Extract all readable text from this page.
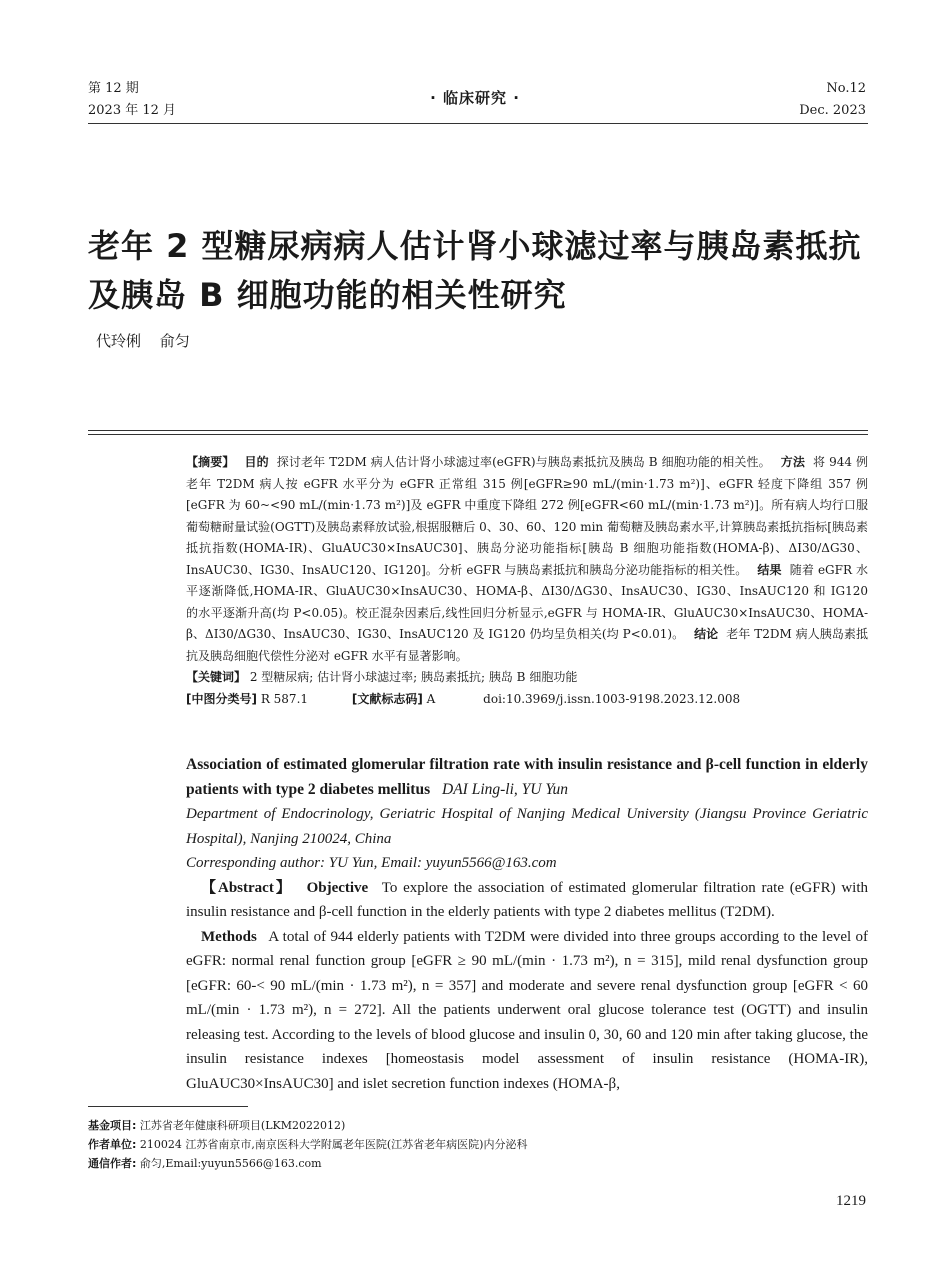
第 12 期
2023 年 12 月
· 临床研究 ·
No.12
Dec. 2023
老年 2 型糖尿病病人估计肾小球滤过率与胰岛素抵抗及胰岛 B 细胞功能的相关性研究
代玲俐 俞匀

【摘要】 目的 探讨老年 T2DM 病人估计肾小球滤过率(eGFR)与胰岛素抵抗及胰岛 B 细胞功能的相关性。 方法 将 944 例老年 T2DM 病人按 eGFR 水平分为 eGFR 正常组 315 例[eGFR≥90 mL/(min·1.73 m²)]、eGFR 轻度下降组 357 例[eGFR 为 60~<90 mL/(min·1.73 m²)]及 eGFR 中重度下降组 272 例[eGFR<60 mL/(min·1.73 m²)]。所有病人均行口服葡萄糖耐量试验(OGTT)及胰岛素释放试验,根据服糖后 0、30、60、120 min 葡萄糖及胰岛素水平,计算胰岛素抵抗指标[胰岛素抵抗指数(HOMA-IR)、GluAUC30×InsAUC30]、胰岛分泌功能指标[胰岛 B 细胞功能指数(HOMA-β)、ΔI30/ΔG30、InsAUC30、IG30、InsAUC120、IG120]。分析 eGFR 与胰岛素抵抗和胰岛分泌功能指标的相关性。 结果 随着 eGFR 水平逐渐降低,HOMA-IR、GluAUC30×InsAUC30、HOMA-β、ΔI30/ΔG30、InsAUC30、IG30、InsAUC120 和 IG120 的水平逐渐升高(均 P<0.05)。校正混杂因素后,线性回归分析显示,eGFR 与 HOMA-IR、GluAUC30×InsAUC30、HOMA-β、ΔI30/ΔG30、InsAUC30、IG30、InsAUC120 及 IG120 仍均呈负相关(均 P<0.01)。 结论 老年 T2DM 病人胰岛素抵抗及胰岛细胞代偿性分泌对 eGFR 水平有显著影响。

【关键词】 2 型糖尿病; 估计肾小球滤过率; 胰岛素抵抗; 胰岛 B 细胞功能

[中图分类号] R 587.1	[文献标志码] A	doi:10.3969/j.issn.1003-9198.2023.12.008

Association of estimated glomerular filtration rate with insulin resistance and β-cell function in elderly patients with type 2 diabetes mellitus DAI Ling-li, YU Yun

Department of Endocrinology, Geriatric Hospital of Nanjing Medical University (Jiangsu Province Geriatric Hospital), Nanjing 210024, China

Corresponding author: YU Yun, Email: yuyun5566@163.com

【Abstract】 Objective To explore the association of estimated glomerular filtration rate (eGFR) with insulin resistance and β-cell function in the elderly patients with type 2 diabetes mellitus (T2DM).

Methods A total of 944 elderly patients with T2DM were divided into three groups according to the level of eGFR: normal renal function group [eGFR ≥ 90 mL/(min · 1.73 m²), n = 315], mild renal dysfunction group [eGFR: 60-< 90 mL/(min · 1.73 m²), n = 357] and moderate and severe renal dysfunction group [eGFR < 60 mL/(min · 1.73 m²), n = 272]. All the patients underwent oral glucose tolerance test (OGTT) and insulin releasing test. According to the levels of blood glucose and insulin 0, 30, 60 and 120 min after taking glucose, the insulin resistance indexes [homeostasis model assessment of insulin resistance (HOMA-IR), GluAUC30×InsAUC30] and islet secretion function indexes (HOMA-β,

基金项目: 江苏省老年健康科研项目(LKM2022012)

作者单位: 210024 江苏省南京市,南京医科大学附属老年医院(江苏省老年病医院)内分泌科

通信作者: 俞匀,Email:yuyun5566@163.com

1219
